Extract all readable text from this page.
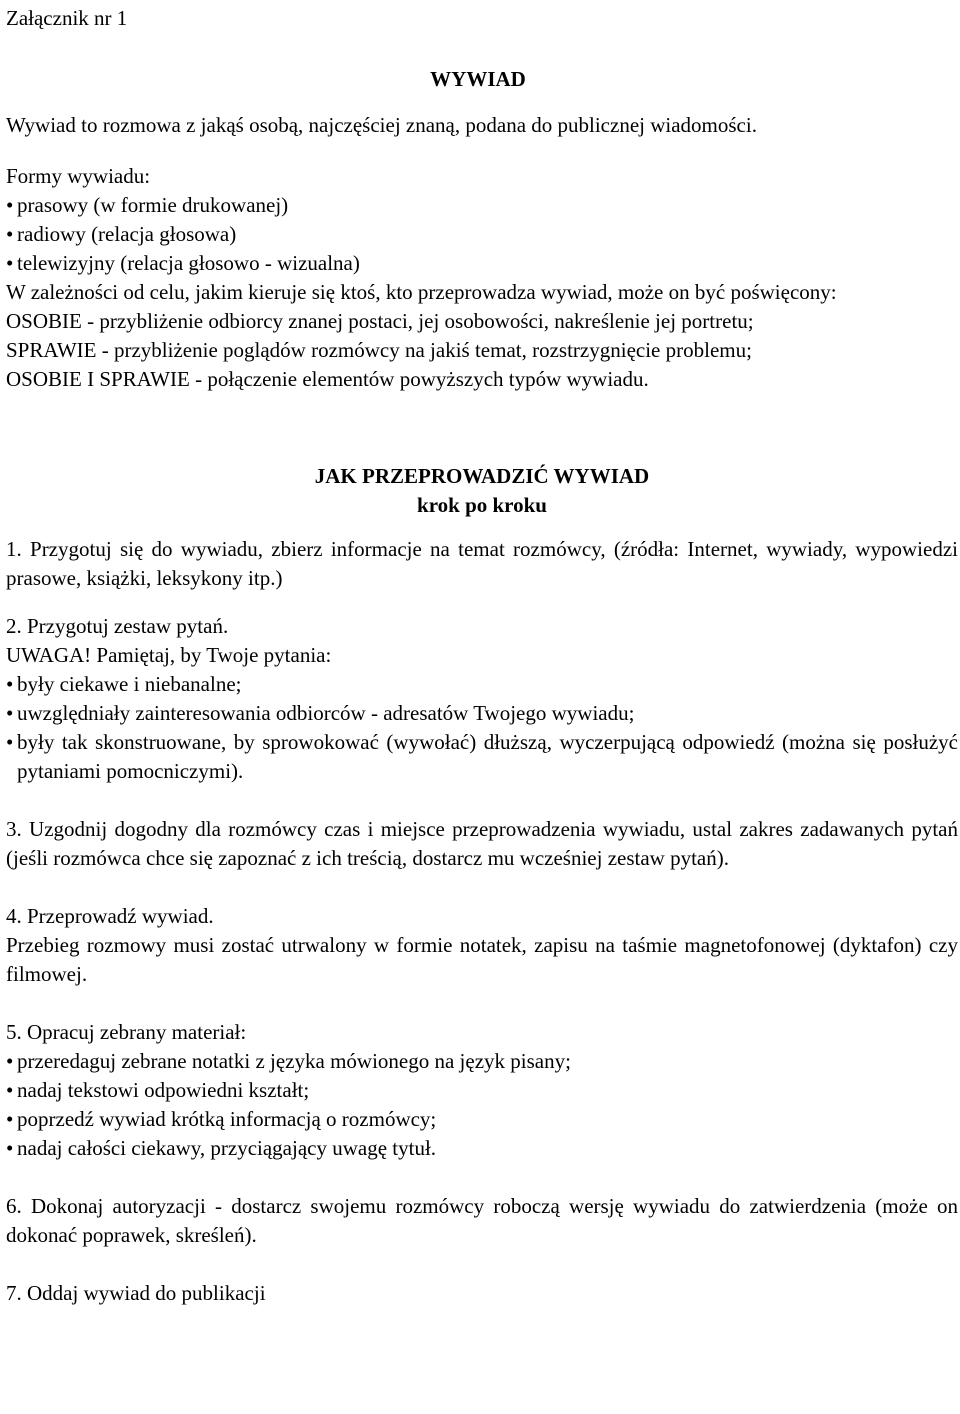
Załącznik nr 1
WYWIAD
Wywiad to rozmowa z jakąś osobą, najczęściej znaną, podana do publicznej wiadomości.
Formy wywiadu:
• prasowy (w formie drukowanej)
• radiowy (relacja głosowa)
• telewizyjny (relacja głosowo - wizualna)
W zależności od celu, jakim kieruje się ktoś, kto przeprowadza wywiad, może on być poświęcony:
OSOBIE - przybliżenie odbiorcy znanej postaci, jej osobowości, nakreślenie jej portretu;
SPRAWIE - przybliżenie poglądów rozmówcy na jakiś temat, rozstrzygnięcie problemu;
OSOBIE I SPRAWIE - połączenie elementów powyższych typów wywiadu.
JAK PRZEPROWADZIĆ WYWIAD
krok po kroku
1. Przygotuj się do wywiadu, zbierz informacje na temat rozmówcy, (źródła: Internet, wywiady, wypowiedzi prasowe, książki, leksykony itp.)
2. Przygotuj zestaw pytań.
UWAGA! Pamiętaj, by Twoje pytania:
• były ciekawe i niebanalne;
• uwzględniały zainteresowania odbiorców - adresatów Twojego wywiadu;
• były tak skonstruowane, by sprowokować (wywołać) dłuższą, wyczerpującą odpowiedź (można się posłużyć pytaniami pomocniczymi).
3. Uzgodnij dogodny dla rozmówcy czas i miejsce przeprowadzenia wywiadu, ustal zakres zadawanych pytań (jeśli rozmówca chce się zapoznać z ich treścią, dostarcz mu wcześniej zestaw pytań).
4. Przeprowadź wywiad.
Przebieg rozmowy musi zostać utrwalony w formie notatek, zapisu na taśmie magnetofonowej (dyktafon) czy filmowej.
5. Opracuj zebrany materiał:
• przeredaguj zebrane notatki z języka mówionego na język pisany;
• nadaj tekstowi odpowiedni kształt;
• poprzedź wywiad krótką informacją o rozmówcy;
• nadaj całości ciekawy, przyciągający uwagę tytuł.
6. Dokonaj autoryzacji - dostarcz swojemu rozmówcy roboczą wersję wywiadu do zatwierdzenia (może on dokonać poprawek, skreśleń).
7. Oddaj wywiad do publikacji
